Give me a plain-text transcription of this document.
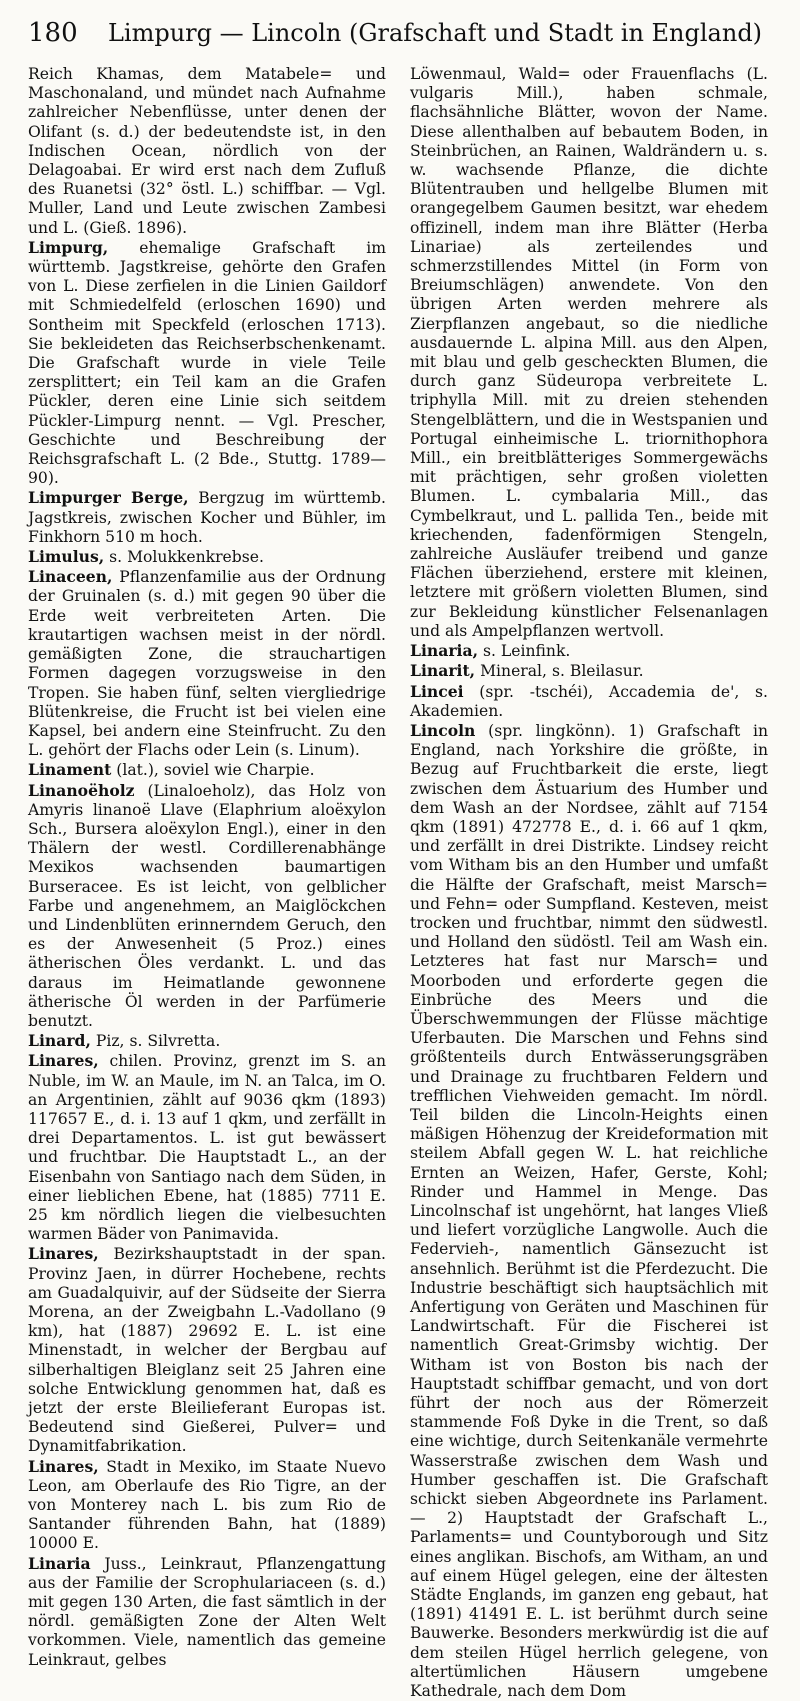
180	Limpurg — Lincoln (Grafschaft und Stadt in England)

Reich Khamas, dem Matabele= und Maschonaland, und mündet nach Aufnahme zahlreicher Nebenflüsse, unter denen der Olifant (s. d.) der bedeutendste ist, in den Indischen Ocean, nördlich von der Delagoabai. Er wird erst nach dem Zufluß des Ruanetsi (32° östl. L.) schiffbar. — Vgl. Muller, Land und Leute zwischen Zambesi und L. (Gieß. 1896).

Limpurg, ehemalige Grafschaft im württemb. Jagstkreise, gehörte den Grafen von L. Diese zerfielen in die Linien Gaildorf mit Schmiedelfeld (erloschen 1690) und Sontheim mit Speckfeld (erloschen 1713). Sie bekleideten das Reichserbschenkenamt. Die Grafschaft wurde in viele Teile zersplittert; ein Teil kam an die Grafen Pückler, deren eine Linie sich seitdem Pückler-Limpurg nennt. — Vgl. Prescher, Geschichte und Beschreibung der Reichsgrafschaft L. (2 Bde., Stuttg. 1789—90).

Limpurger Berge, Bergzug im württemb. Jagstkreis, zwischen Kocher und Bühler, im Finkhorn 510 m hoch.

Limulus, s. Molukkenkrebse.

Linaceen, Pflanzenfamilie aus der Ordnung der Gruinalen (s. d.) mit gegen 90 über die Erde weit verbreiteten Arten. Die krautartigen wachsen meist in der nördl. gemäßigten Zone, die strauchartigen Formen dagegen vorzugsweise in den Tropen. Sie haben fünf, selten viergliedrige Blütenkreise, die Frucht ist bei vielen eine Kapsel, bei andern eine Steinfrucht. Zu den L. gehört der Flachs oder Lein (s. Linum).

Linament (lat.), soviel wie Charpie.

Linanoëholz (Linaloeholz), das Holz von Amyris linanoë Llave (Elaphrium aloëxylon Sch., Bursera aloëxylon Engl.), einer in den Thälern der westl. Cordillerenabhänge Mexikos wachsenden baumartigen Burseracee. Es ist leicht, von gelblicher Farbe und angenehmem, an Maiglöckchen und Lindenblüten erinnerndem Geruch, den es der Anwesenheit (5 Proz.) eines ätherischen Öles verdankt. L. und das daraus im Heimatlande gewonnene ätherische Öl werden in der Parfümerie benutzt.

Linard, Piz, s. Silvretta.

Linares, chilen. Provinz, grenzt im S. an Nuble, im W. an Maule, im N. an Talca, im O. an Argentinien, zählt auf 9036 qkm (1893) 117657 E., d. i. 13 auf 1 qkm, und zerfällt in drei Departamentos. L. ist gut bewässert und fruchtbar. Die Hauptstadt L., an der Eisenbahn von Santiago nach dem Süden, in einer lieblichen Ebene, hat (1885) 7711 E. 25 km nördlich liegen die vielbesuchten warmen Bäder von Panimavida.

Linares, Bezirkshauptstadt in der span. Provinz Jaen, in dürrer Hochebene, rechts am Guadalquivir, auf der Südseite der Sierra Morena, an der Zweigbahn L.-Vadollano (9 km), hat (1887) 29692 E. L. ist eine Minenstadt, in welcher der Bergbau auf silberhaltigen Bleiglanz seit 25 Jahren eine solche Entwicklung genommen hat, daß es jetzt der erste Bleilieferant Europas ist. Bedeutend sind Gießerei, Pulver= und Dynamitfabrikation.

Linares, Stadt in Mexiko, im Staate Nuevo Leon, am Oberlaufe des Rio Tigre, an der von Monterey nach L. bis zum Rio de Santander führenden Bahn, hat (1889) 10000 E.

Linaria Juss., Leinkraut, Pflanzengattung aus der Familie der Scrophulariaceen (s. d.) mit gegen 130 Arten, die fast sämtlich in der nördl. gemäßigten Zone der Alten Welt vorkommen. Viele, namentlich das gemeine Leinkraut, gelbes

Löwenmaul, Wald= oder Frauenflachs (L. vulgaris Mill.), haben schmale, flachsähnliche Blätter, wovon der Name. Diese allenthalben auf bebautem Boden, in Steinbrüchen, an Rainen, Waldrändern u. s. w. wachsende Pflanze, die dichte Blütentrauben und hellgelbe Blumen mit orangegelbem Gaumen besitzt, war ehedem offizinell, indem man ihre Blätter (Herba Linariae) als zerteilendes und schmerzstillendes Mittel (in Form von Breiumschlägen) anwendete. Von den übrigen Arten werden mehrere als Zierpflanzen angebaut, so die niedliche ausdauernde L. alpina Mill. aus den Alpen, mit blau und gelb gescheckten Blumen, die durch ganz Südeuropa verbreitete L. triphylla Mill. mit zu dreien stehenden Stengelblättern, und die in Westspanien und Portugal einheimische L. triornithophora Mill., ein breitblätteriges Sommergewächs mit prächtigen, sehr großen violetten Blumen. L. cymbalaria Mill., das Cymbelkraut, und L. pallida Ten., beide mit kriechenden, fadenförmigen Stengeln, zahlreiche Ausläufer treibend und ganze Flächen überziehend, erstere mit kleinen, letztere mit größern violetten Blumen, sind zur Bekleidung künstlicher Felsenanlagen und als Ampelpflanzen wertvoll.

Linaria, s. Leinfink.

Linarit, Mineral, s. Bleilasur.

Lincei (spr. -tschéi), Accademia de', s. Akademien.

Lincoln (spr. lingkönn). 1) Grafschaft in England, nach Yorkshire die größte, in Bezug auf Fruchtbarkeit die erste, liegt zwischen dem Ästuarium des Humber und dem Wash an der Nordsee, zählt auf 7154 qkm (1891) 472778 E., d. i. 66 auf 1 qkm, und zerfällt in drei Distrikte. Lindsey reicht vom Witham bis an den Humber und umfaßt die Hälfte der Grafschaft, meist Marsch= und Fehn= oder Sumpfland. Kesteven, meist trocken und fruchtbar, nimmt den südwestl. und Holland den südöstl. Teil am Wash ein. Letzteres hat fast nur Marsch= und Moorboden und erforderte gegen die Einbrüche des Meers und die Überschwemmungen der Flüsse mächtige Uferbauten. Die Marschen und Fehns sind größtenteils durch Entwässerungsgräben und Drainage zu fruchtbaren Feldern und trefflichen Viehweiden gemacht. Im nördl. Teil bilden die Lincoln-Heights einen mäßigen Höhenzug der Kreideformation mit steilem Abfall gegen W. L. hat reichliche Ernten an Weizen, Hafer, Gerste, Kohl; Rinder und Hammel in Menge. Das Lincolnschaf ist ungehörnt, hat langes Vließ und liefert vorzügliche Langwolle. Auch die Federvieh-, namentlich Gänsezucht ist ansehnlich. Berühmt ist die Pferdezucht. Die Industrie beschäftigt sich hauptsächlich mit Anfertigung von Geräten und Maschinen für Landwirtschaft. Für die Fischerei ist namentlich Great-Grimsby wichtig. Der Witham ist von Boston bis nach der Hauptstadt schiffbar gemacht, und von dort führt der noch aus der Römerzeit stammende Foß Dyke in die Trent, so daß eine wichtige, durch Seitenkanäle vermehrte Wasserstraße zwischen dem Wash und Humber geschaffen ist. Die Grafschaft schickt sieben Abgeordnete ins Parlament. — 2) Hauptstadt der Grafschaft L., Parlaments= und Countyborough und Sitz eines anglikan. Bischofs, am Witham, an und auf einem Hügel gelegen, eine der ältesten Städte Englands, im ganzen eng gebaut, hat (1891) 41491 E. L. ist berühmt durch seine Bauwerke. Besonders merkwürdig ist die auf dem steilen Hügel herrlich gelegene, von altertümlichen Häusern umgebene Kathedrale, nach dem Dom
